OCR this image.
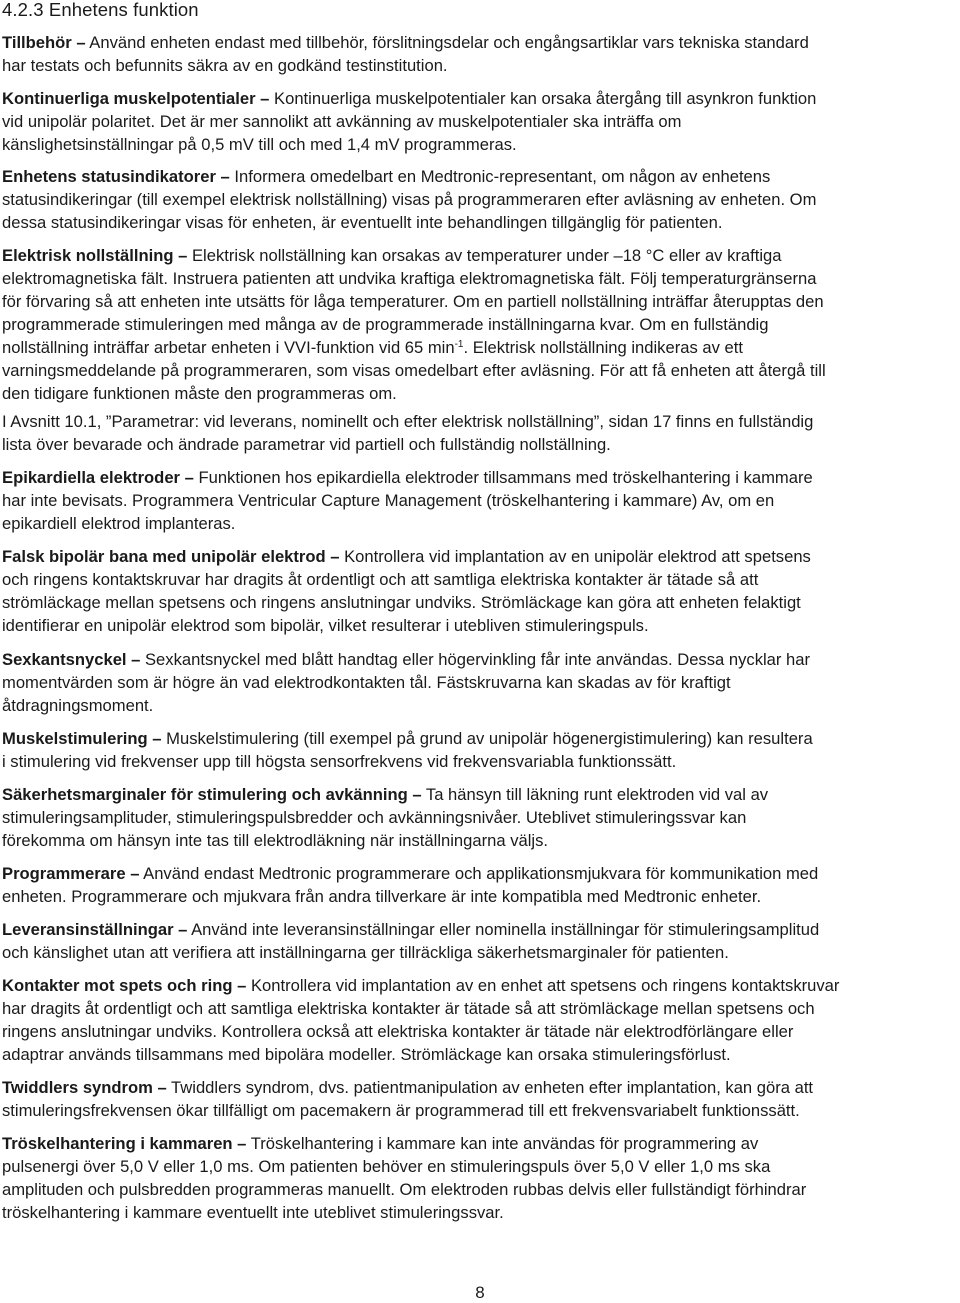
4.2.3 Enhetens funktion

Tillbehör – Använd enheten endast med tillbehör, förslitningsdelar och engångsartiklar vars tekniska standard
har testats och befunnits säkra av en godkänd testinstitution.

Kontinuerliga muskelpotentialer – Kontinuerliga muskelpotentialer kan orsaka återgång till asynkron funktion
vid unipolär polaritet. Det är mer sannolikt att avkänning av muskelpotentialer ska inträffa om
känslighetsinställningar på 0,5 mV till och med 1,4 mV programmeras.

Enhetens statusindikatorer – Informera omedelbart en Medtronic-representant, om någon av enhetens
statusindikeringar (till exempel elektrisk nollställning) visas på programmeraren efter avläsning av enheten. Om
dessa statusindikeringar visas för enheten, är eventuellt inte behandlingen tillgänglig för patienten.

Elektrisk nollställning – Elektrisk nollställning kan orsakas av temperaturer under –18 °C eller av kraftiga
elektromagnetiska fält. Instruera patienten att undvika kraftiga elektromagnetiska fält. Följ temperaturgränserna
för förvaring så att enheten inte utsätts för låga temperaturer. Om en partiell nollställning inträffar återupptas den
programmerade stimuleringen med många av de programmerade inställningarna kvar. Om en fullständig
nollställning inträffar arbetar enheten i VVI-funktion vid 65 $\min^{-1}$. Elektrisk nollställning indikeras av ett
varningsmeddelande på programmeraren, som visas omedelbart efter avläsning. För att få enheten att återgå till
den tidigare funktionen måste den programmeras om.

I Avsnitt 10.1, ”Parametrar: vid leverans, nominellt och efter elektrisk nollställning”, sidan 17 finns en fullständig
lista över bevarade och ändrade parametrar vid partiell och fullständig nollställning.

Epikardiella elektroder – Funktionen hos epikardiella elektroder tillsammans med tröskelhantering i kammare
har inte bevisats. Programmera Ventricular Capture Management (tröskelhantering i kammare) Av, om en
epikardiell elektrod implanteras.

Falsk bipolär bana med unipolär elektrod – Kontrollera vid implantation av en unipolär elektrod att spetsens
och ringens kontaktskruvar har dragits åt ordentligt och att samtliga elektriska kontakter är tätade så att
strömläckage mellan spetsens och ringens anslutningar undviks. Strömläckage kan göra att enheten felaktigt
identifierar en unipolär elektrod som bipolär, vilket resulterar i utebliven stimuleringspuls.

Sexkantsnyckel – Sexkantsnyckel med blått handtag eller högervinkling får inte användas. Dessa nycklar har
momentvärden som är högre än vad elektrodkontakten tål. Fästskruvarna kan skadas av för kraftigt
åtdragningsmoment.

Muskelstimulering – Muskelstimulering (till exempel på grund av unipolär högenergistimulering) kan resultera
i stimulering vid frekvenser upp till högsta sensorfrekvens vid frekvensvariabla funktionssätt.

Säkerhetsmarginaler för stimulering och avkänning – Ta hänsyn till läkning runt elektroden vid val av
stimuleringsamplituder, stimuleringspulsbredder och avkänningsnivåer. Uteblivet stimuleringssvar kan
förekomma om hänsyn inte tas till elektrodläkning när inställningarna väljs.

Programmerare – Använd endast Medtronic programmerare och applikationsmjukvara för kommunikation med
enheten. Programmerare och mjukvara från andra tillverkare är inte kompatibla med Medtronic enheter.

Leveransinställningar – Använd inte leveransinställningar eller nominella inställningar för stimuleringsamplitud
och känslighet utan att verifiera att inställningarna ger tillräckliga säkerhetsmarginaler för patienten.

Kontakter mot spets och ring – Kontrollera vid implantation av en enhet att spetsens och ringens kontaktskruvar
har dragits åt ordentligt och att samtliga elektriska kontakter är tätade så att strömläckage mellan spetsens och
ringens anslutningar undviks. Kontrollera också att elektriska kontakter är tätade när elektrodförlängare eller
adaptrar används tillsammans med bipolära modeller. Strömläckage kan orsaka stimuleringsförlust.

Twiddlers syndrom – Twiddlers syndrom, dvs. patientmanipulation av enheten efter implantation, kan göra att
stimuleringsfrekvensen ökar tillfälligt om pacemakern är programmerad till ett frekvensvariabelt funktionssätt.

Tröskelhantering i kammaren – Tröskelhantering i kammare kan inte användas för programmering av
pulsenergi över 5,0 V eller 1,0 ms. Om patienten behöver en stimuleringspuls över 5,0 V eller 1,0 ms ska
amplituden och pulsbredden programmeras manuellt. Om elektroden rubbas delvis eller fullständigt förhindrar
tröskelhantering i kammare eventuellt inte uteblivet stimuleringssvar.

8
